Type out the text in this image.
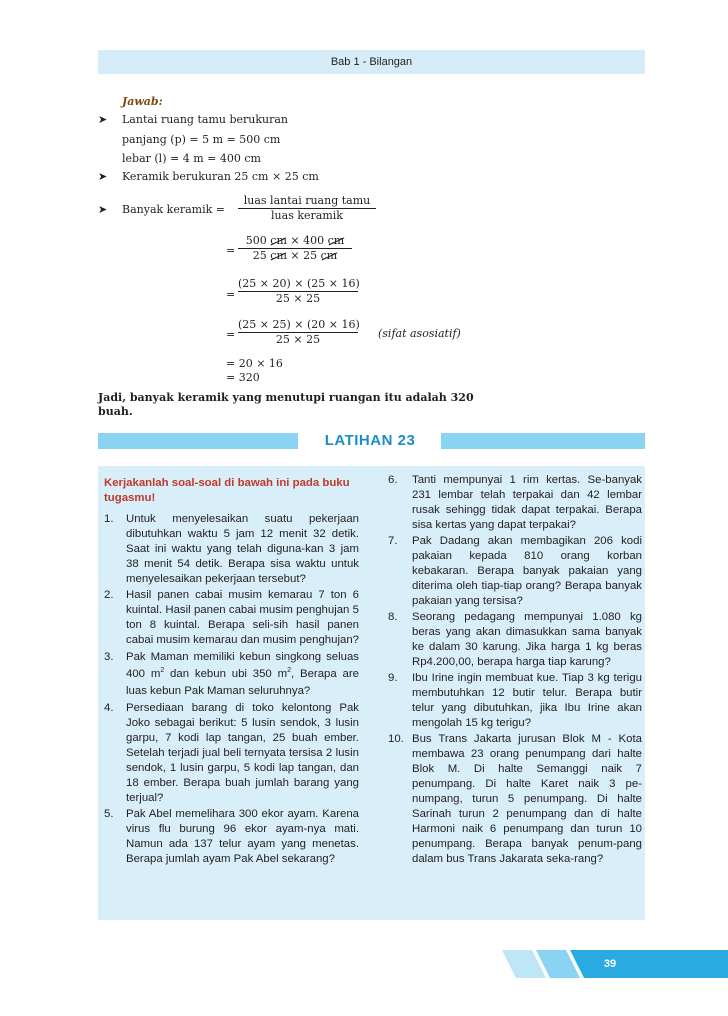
Bab 1 - Bilangan
Jawab:
➤ Lantai ruang tamu berukuran
panjang (p) = 5 m = 500 cm
lebar (l) = 4 m = 400 cm
➤ Keramik berukuran 25 cm × 25 cm
➤ Banyak keramik =
luas lantai ruang tamu
luas keramik
=
500 cm × 400 cm
25 cm × 25 cm
=
(25 × 20) × (25 × 16)
25 × 25
=
(25 × 25) × (20 × 16)
25 × 25	(sifat asosiatif)
= 20 × 16
= 320
Jadi, banyak keramik yang menutupi ruangan itu adalah 320
buah.
LATIHAN 23
Kerjakanlah soal-soal di bawah ini pada buku tugasmu!
1. Untuk menyelesaikan suatu pekerjaan dibutuhkan waktu 5 jam 12 menit 32 detik. Saat ini waktu yang telah diguna-kan 3 jam 38 menit 54 detik. Berapa sisa waktu untuk menyelesaikan pekerjaan tersebut?
2. Hasil panen cabai musim kemarau 7 ton 6 kuintal. Hasil panen cabai musim penghujan 5 ton 8 kuintal. Berapa seli-sih hasil panen cabai musim kemarau dan musim penghujan?
3. Pak Maman memiliki kebun singkong seluas 400 $m^2$ dan kebun ubi 350 $m^2$, Berapa are luas kebun Pak Maman seluruhnya?
4. Persediaan barang di toko kelontong Pak Joko sebagai berikut: 5 lusin sendok, 3 lusin garpu, 7 kodi lap tangan, 25 buah ember. Setelah terjadi jual beli ternyata tersisa 2 lusin sendok, 1 lusin garpu, 5 kodi lap tangan, dan 18 ember. Berapa buah jumlah barang yang terjual?
5. Pak Abel memelihara 300 ekor ayam. Karena virus flu burung 96 ekor ayam-nya mati. Namun ada 137 telur ayam yang menetas. Berapa jumlah ayam Pak Abel sekarang?
6. Tanti mempunyai 1 rim kertas. Se-banyak 231 lembar telah terpakai dan 42 lembar rusak sehingg tidak dapat terpakai. Berapa sisa kertas yang dapat terpakai?
7. Pak Dadang akan membagikan 206 kodi pakaian kepada 810 orang korban kebakaran. Berapa banyak pakaian yang diterima oleh tiap-tiap orang? Berapa banyak pakaian yang tersisa?
8. Seorang pedagang mempunyai 1.080 kg beras yang akan dimasukkan sama banyak ke dalam 30 karung. Jika harga 1 kg beras Rp4.200,00, berapa harga tiap karung?
9. Ibu Irine ingin membuat kue. Tiap 3 kg terigu membutuhkan 12 butir telur. Berapa butir telur yang dibutuhkan, jika Ibu Irine akan mengolah 15 kg terigu?
10. Bus Trans Jakarta jurusan Blok M - Kota membawa 23 orang penumpang dari halte Blok M. Di halte Semanggi naik 7 penumpang. Di halte Karet naik 3 pe-numpang, turun 5 penumpang. Di halte Sarinah turun 2 penumpang dan di halte Harmoni naik 6 penumpang dan turun 10 penumpang. Berapa banyak penum-pang dalam bus Trans Jakarata seka-rang?
39
